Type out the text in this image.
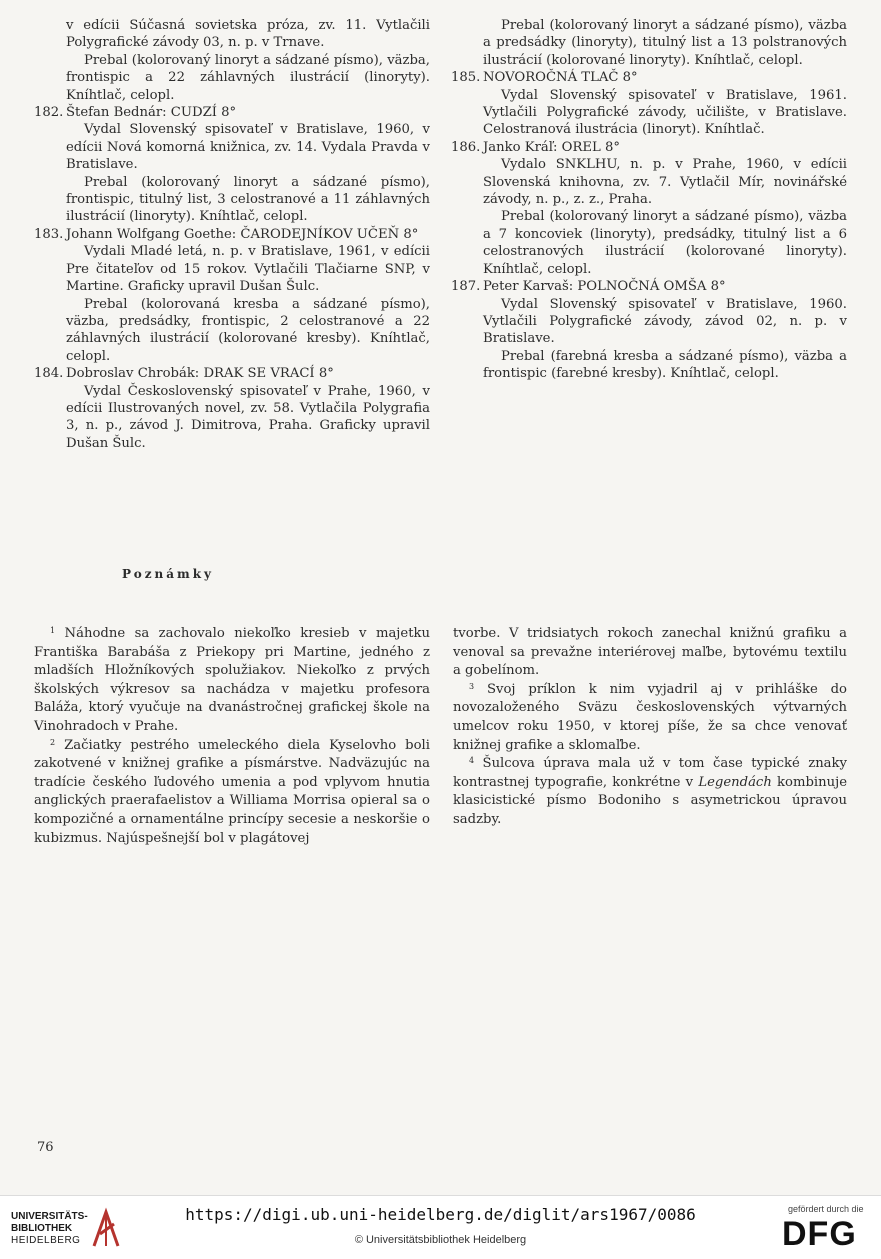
v edícii Súčasná sovietska próza, zv. 11. Vytlačili Polygrafické závody 03, n. p. v Trnave.

Prebal (kolorovaný linoryt a sádzané písmo), väzba, frontispic a 22 záhlavných ilustrácií (linoryty). Kníhtlač, celopl.

182. Štefan Bednár: CUDZÍ 8°

Vydal Slovenský spisovateľ v Bratislave, 1960, v edícii Nová komorná knižnica, zv. 14. Vydala Pravda v Bratislave.

Prebal (kolorovaný linoryt a sádzané písmo), frontispic, titulný list, 3 celostranové a 11 záhlavných ilustrácií (linoryty). Kníhtlač, celopl.

183. Johann Wolfgang Goethe: ČARODEJNÍKOV UČEŇ 8°

Vydali Mladé letá, n. p. v Bratislave, 1961, v edícii Pre čitateľov od 15 rokov. Vytlačili Tlačiarne SNP, v Martine. Graficky upravil Dušan Šulc.

Prebal (kolorovaná kresba a sádzané písmo), väzba, predsádky, frontispic, 2 celostranové a 22 záhlavných ilustrácií (kolorované kresby). Kníhtlač, celopl.

184. Dobroslav Chrobák: DRAK SE VRACÍ 8°

Vydal Československý spisovateľ v Prahe, 1960, v edícii Ilustrovaných novel, zv. 58. Vytlačila Polygrafia 3, n. p., závod J. Dimitrova, Praha. Graficky upravil Dušan Šulc.

Prebal (kolorovaný linoryt a sádzané písmo), väzba a predsádky (linoryty), titulný list a 13 polstranových ilustrácií (kolorované linoryty). Kníhtlač, celopl.

185. NOVOROČNÁ TLAČ 8°

Vydal Slovenský spisovateľ v Bratislave, 1961. Vytlačili Polygrafické závody, učilište, v Bratislave. Celostranová ilustrácia (linoryt). Kníhtlač.

186. Janko Kráľ: OREL 8°

Vydalo SNKLHU, n. p. v Prahe, 1960, v edícii Slovenská knihovna, zv. 7. Vytlačil Mír, novinářské závody, n. p., z. z., Praha.

Prebal (kolorovaný linoryt a sádzané písmo), väzba a 7 koncoviek (linoryty), predsádky, titulný list a 6 celostranových ilustrácií (kolorované linoryty). Kníhtlač, celopl.

187. Peter Karvaš: POLNOČNÁ OMŠA 8°

Vydal Slovenský spisovateľ v Bratislave, 1960. Vytlačili Polygrafické závody, závod 02, n. p. v Bratislave.

Prebal (farebná kresba a sádzané písmo), väzba a frontispic (farebné kresby). Kníhtlač, celopl.

Poznámky

$^1$ Náhodne sa zachovalo niekoľko kresieb v majetku Františka Barabáša z Priekopy pri Martine, jedného z mladších Hložníkových spolužiakov. Niekoľko z prvých školských výkresov sa nachádza v majetku profesora Baláža, ktorý vyučuje na dvanástročnej grafickej škole na Vinohradoch v Prahe.

$^2$ Začiatky pestrého umeleckého diela Kyselovho boli zakotvené v knižnej grafike a písmárstve. Nadväzujúc na tradície českého ľudového umenia a pod vplyvom hnutia anglických praerafaelistov a Williama Morrisa opieral sa o kompozičné a ornamentálne princípy secesie a neskoršie o kubizmus. Najúspešnejší bol v plagátovej

tvorbe. V tridsiatych rokoch zanechal knižnú grafiku a venoval sa prevažne interiérovej maľbe, bytovému textilu a gobelínom.

$^3$ Svoj príklon k nim vyjadril aj v prihláške do novozaloženého Sväzu československých výtvarných umelcov roku 1950, v ktorej píše, že sa chce venovať knižnej grafike a sklomaľbe.

$^4$ Šulcova úprava mala už v tom čase typické znaky kontrastnej typografie, konkrétne v Legendách kombinuje klasicistické písmo Bodoniho s asymetrickou úpravou sadzby.

76
UNIVERSITÄTS-
BIBLIOTHEK
HEIDELBERG
https://digi.ub.uni-heidelberg.de/diglit/ars1967/0086
© Universitätsbibliothek Heidelberg
gefördert durch die
DFG
